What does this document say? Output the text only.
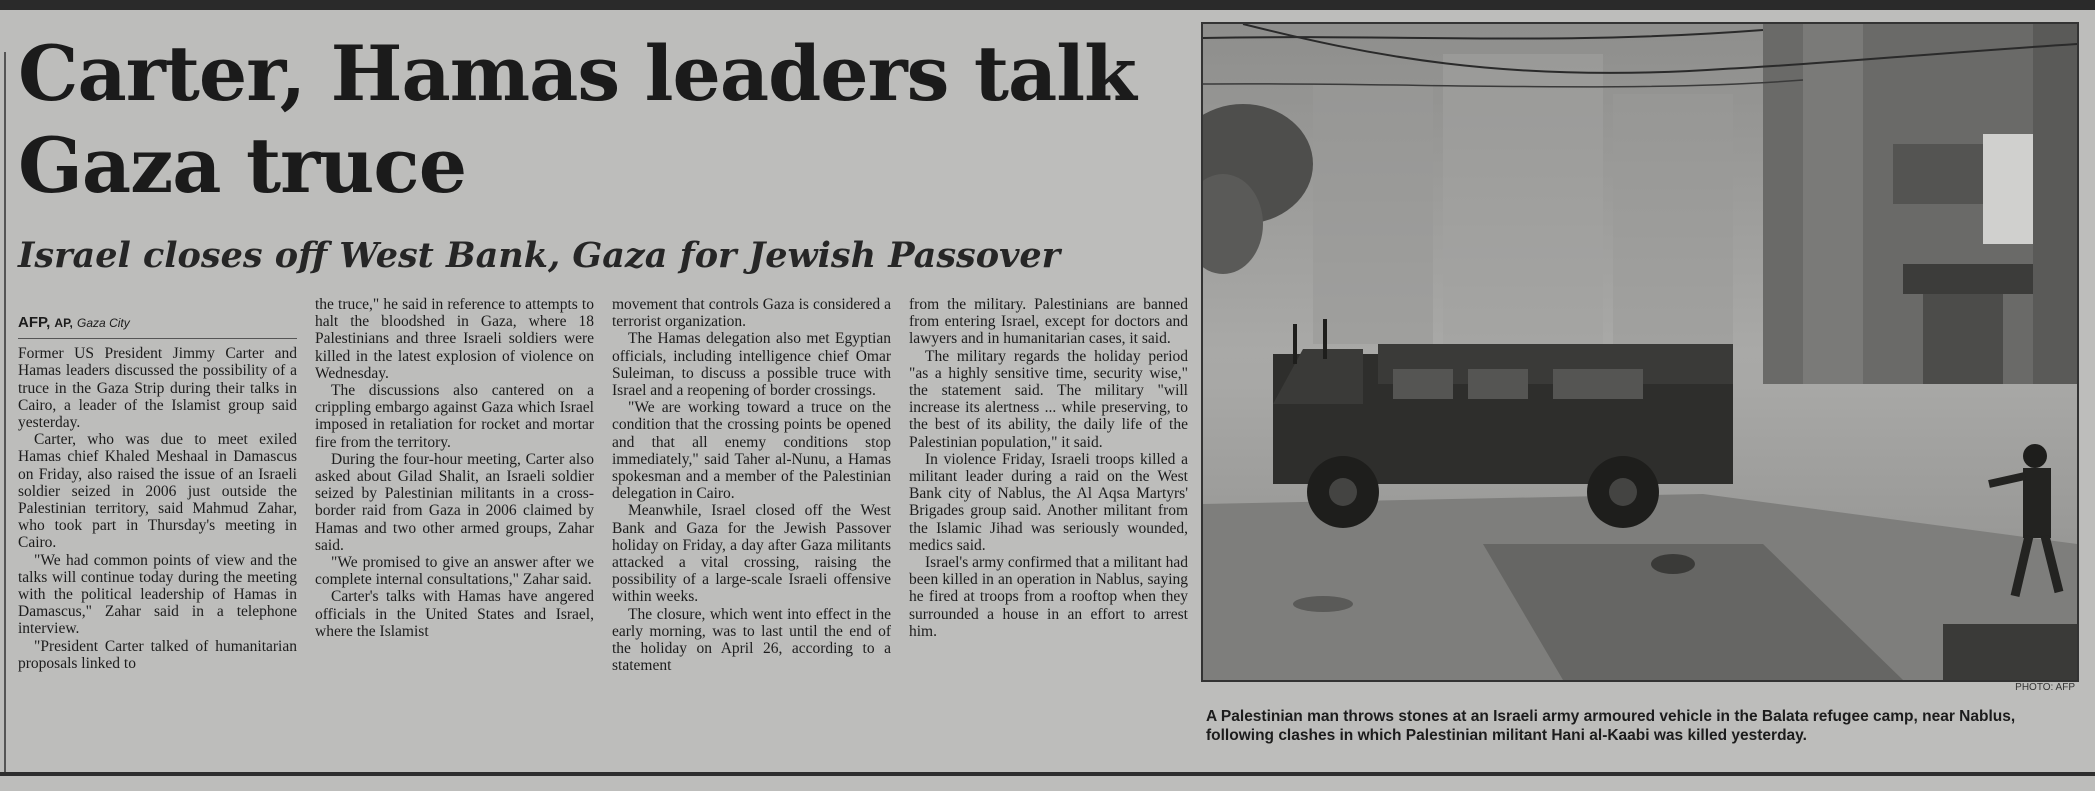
Carter, Hamas leaders talk Gaza truce
Israel closes off West Bank, Gaza for Jewish Passover
AFP, AP, Gaza City

Former US President Jimmy Carter and Hamas leaders discussed the possibility of a truce in the Gaza Strip during their talks in Cairo, a leader of the Islamist group said yesterday.

Carter, who was due to meet exiled Hamas chief Khaled Meshaal in Damascus on Friday, also raised the issue of an Israeli soldier seized in 2006 just outside the Palestinian territory, said Mahmud Zahar, who took part in Thursday's meeting in Cairo.

"We had common points of view and the talks will continue today during the meeting with the political leadership of Hamas in Damascus," Zahar said in a telephone interview.

"President Carter talked of humanitarian proposals linked to

the truce," he said in reference to attempts to halt the bloodshed in Gaza, where 18 Palestinians and three Israeli soldiers were killed in the latest explosion of violence on Wednesday.

The discussions also cantered on a crippling embargo against Gaza which Israel imposed in retaliation for rocket and mortar fire from the territory.

During the four-hour meeting, Carter also asked about Gilad Shalit, an Israeli soldier seized by Palestinian militants in a cross-border raid from Gaza in 2006 claimed by Hamas and two other armed groups, Zahar said.

"We promised to give an answer after we complete internal consultations," Zahar said.

Carter's talks with Hamas have angered officials in the United States and Israel, where the Islamist

movement that controls Gaza is considered a terrorist organization.

The Hamas delegation also met Egyptian officials, including intelligence chief Omar Suleiman, to discuss a possible truce with Israel and a reopening of border crossings.

"We are working toward a truce on the condition that the crossing points be opened and that all enemy conditions stop immediately," said Taher al-Nunu, a Hamas spokesman and a member of the Palestinian delegation in Cairo.

Meanwhile, Israel closed off the West Bank and Gaza for the Jewish Passover holiday on Friday, a day after Gaza militants attacked a vital crossing, raising the possibility of a large-scale Israeli offensive within weeks.

The closure, which went into effect in the early morning, was to last until the end of the holiday on April 26, according to a statement

from the military. Palestinians are banned from entering Israel, except for doctors and lawyers and in humanitarian cases, it said.

The military regards the holiday period "as a highly sensitive time, security wise," the statement said. The military "will increase its alertness ... while preserving, to the best of its ability, the daily life of the Palestinian population," it said.

In violence Friday, Israeli troops killed a militant leader during a raid on the West Bank city of Nablus, the Al Aqsa Martyrs' Brigades group said. Another militant from the Islamic Jihad was seriously wounded, medics said.

Israel's army confirmed that a militant had been killed in an operation in Nablus, saying he fired at troops from a rooftop when they surrounded a house in an effort to arrest him.

PHOTO: AFP

A Palestinian man throws stones at an Israeli army armoured vehicle in the Balata refugee camp, near Nablus, following clashes in which Palestinian militant Hani al-Kaabi was killed yesterday.
